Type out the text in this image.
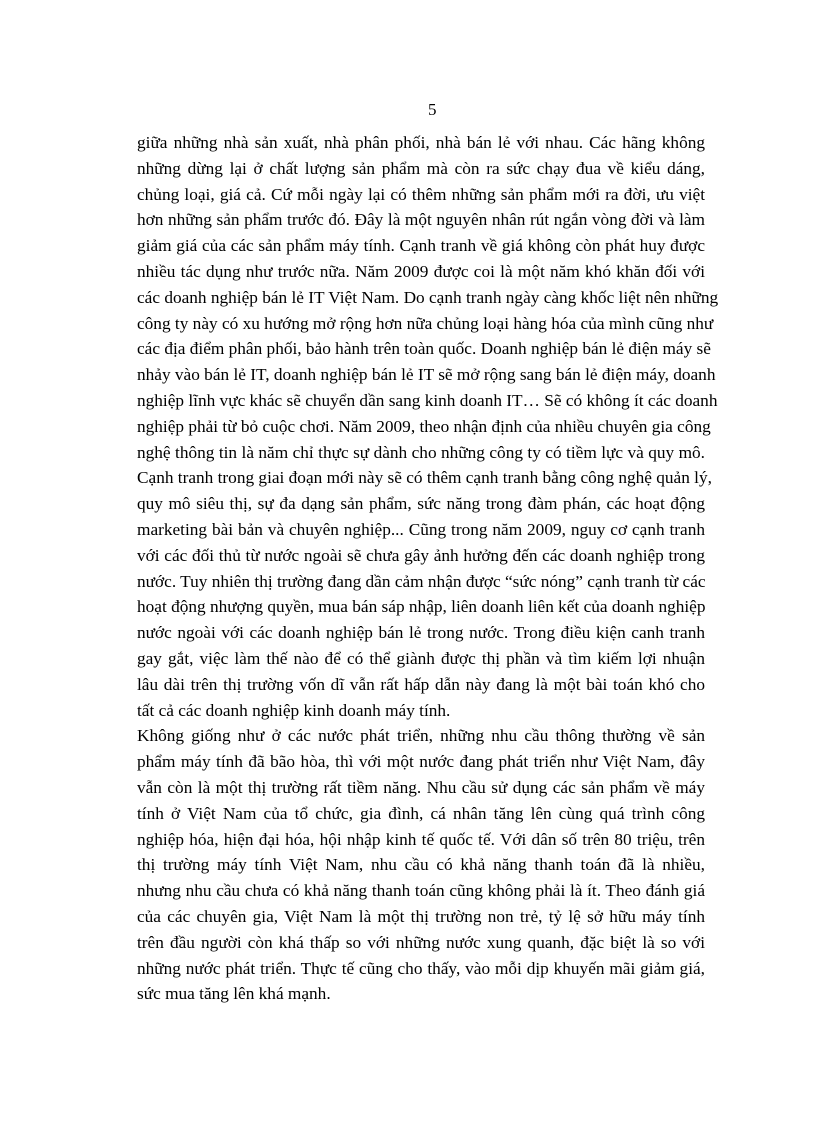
5
giữa những nhà sản xuất, nhà phân phối, nhà bán lẻ với nhau. Các hãng không
những dừng lại ở chất lượng sản phẩm mà còn ra sức chạy đua về kiểu dáng,
chủng loại, giá cả. Cứ mỗi ngày lại có thêm những sản phẩm mới ra đời, ưu việt
hơn những sản phẩm trước đó. Đây là một nguyên nhân rút ngắn vòng đời và làm
giảm giá của các sản phẩm máy tính. Cạnh tranh về giá không còn phát huy được
nhiều tác dụng như trước nữa. Năm 2009 được coi là một năm khó khăn đối với
các doanh nghiệp bán lẻ IT Việt Nam. Do cạnh tranh ngày càng khốc liệt nên những
công ty này có xu hướng mở rộng hơn nữa chủng loại hàng hóa của mình cũng như
các địa điểm phân phối, bảo hành trên toàn quốc. Doanh nghiệp bán lẻ điện máy sẽ
nhảy vào bán lẻ IT, doanh nghiệp bán lẻ IT sẽ mở rộng sang bán lẻ điện máy, doanh
nghiệp lĩnh vực khác sẽ chuyển dần sang kinh doanh IT… Sẽ có không ít các doanh
nghiệp phải từ bỏ cuộc chơi. Năm 2009, theo nhận định của nhiều chuyên gia công
nghệ thông tin là năm chỉ thực sự dành cho những công ty có tiềm lực và quy mô.
Cạnh tranh trong giai đoạn mới này sẽ có thêm cạnh tranh bằng công nghệ quản lý,
quy mô siêu thị, sự đa dạng sản phẩm, sức năng trong đàm phán, các hoạt động
marketing bài bản và chuyên nghiệp... Cũng trong năm 2009, nguy cơ cạnh tranh
với các đối thủ từ nước ngoài sẽ chưa gây ảnh hưởng đến các doanh nghiệp trong
nước. Tuy nhiên thị trường đang dần cảm nhận được “sức nóng” cạnh tranh từ các
hoạt động nhượng quyền, mua bán sáp nhập, liên doanh liên kết của doanh nghiệp
nước ngoài với các doanh nghiệp bán lẻ trong nước. Trong điều kiện canh tranh
gay gắt, việc làm thế nào để có thể giành được thị phần và tìm kiếm lợi nhuận
lâu dài trên thị trường vốn dĩ vẫn rất hấp dẫn này đang là một bài toán khó cho
tất cả các doanh nghiệp kinh doanh máy tính.
Không giống như ở các nước phát triển, những nhu cầu thông thường về sản
phẩm máy tính đã bão hòa, thì với một nước đang phát triển như Việt Nam, đây
vẫn còn là một thị trường rất tiềm năng. Nhu cầu sử dụng các sản phẩm về máy
tính ở Việt Nam của tổ chức, gia đình, cá nhân tăng lên cùng quá trình công
nghiệp hóa, hiện đại hóa, hội nhập kinh tế quốc tế. Với dân số trên 80 triệu, trên
thị trường máy tính Việt Nam, nhu cầu có khả năng thanh toán đã là nhiều,
nhưng nhu cầu chưa có khả năng thanh toán cũng không phải là ít. Theo đánh giá
của các chuyên gia, Việt Nam là một thị trường non trẻ, tỷ lệ sở hữu máy tính
trên đầu người còn khá thấp so với những nước xung quanh, đặc biệt là so với
những nước phát triển. Thực tế cũng cho thấy, vào mỗi dịp khuyến mãi giảm giá,
sức mua tăng lên khá mạnh.
